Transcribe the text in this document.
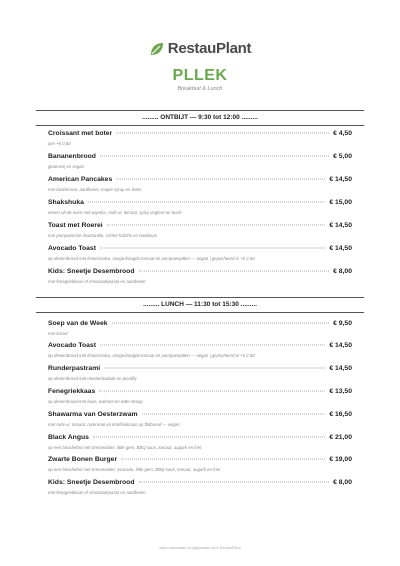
RestauPlant
PLLEK
Breakfast & Lunch
......... ONTBIJT — 9:30 tot 12:00 .........
Croissant met boter	€ 4,50
jam +€ 0,50
Bananenbrood	€ 5,00
glutenvrij en vegan
American Pancakes	€ 14,50
met bosbessen, aardbeien, maple syrup en boter
Shakshuka	€ 15,00
eieren uit de oven met paprika, rode ui, tomaat, spicy yoghurt en toast
Toast met Roerei	€ 14,50
met pompoenrine mozzarella, crème fraîche en basilicum
Avocado Toast	€ 14,50
op desembrood met limoensalsa, zongedroogde tomaat en pompoenpitten — vegan | gepocheerd ei +€ 2,50
Kids: Sneetje Desembrood	€ 8,00
met fenegriekkaas of chocoladepasta en aardbeien
......... LUNCH — 11:30 tot 15:30 .........
Soep van de Week	€ 9,50
met brood
Avocado Toast	€ 14,50
op desembrood met limoensalsa, zongedroogde tomaat en pompoenpitten — vegan | gepocheerd ei +€ 2,50
Runderpastrami	€ 14,50
op desembrood met mosterdsalade en picalilly
Fenegriekkaas	€ 13,50
op desembrood met kaas, walnoot en witte stroop
Shawarma van Oesterzwam	€ 16,50
met rode ui, tomaat, rode kool en knoflooksaus op flatbread — vegan
Black Angus	€ 21,00
op een briochebol met Emmentaler, little gem, BBQ saus, tomaat, augurk en friet
Zwarte Bonen Burger	€ 19,00
op een briochebol met Emmentaler, avocado, little gem, BBQ-saus, tomaat, augurk en friet
Kids: Sneetje Desembrood	€ 8,00
met fenegriekkaas of chocoladepasta en aardbeien
deze menukaart is opgemaakt door RestauPlant
